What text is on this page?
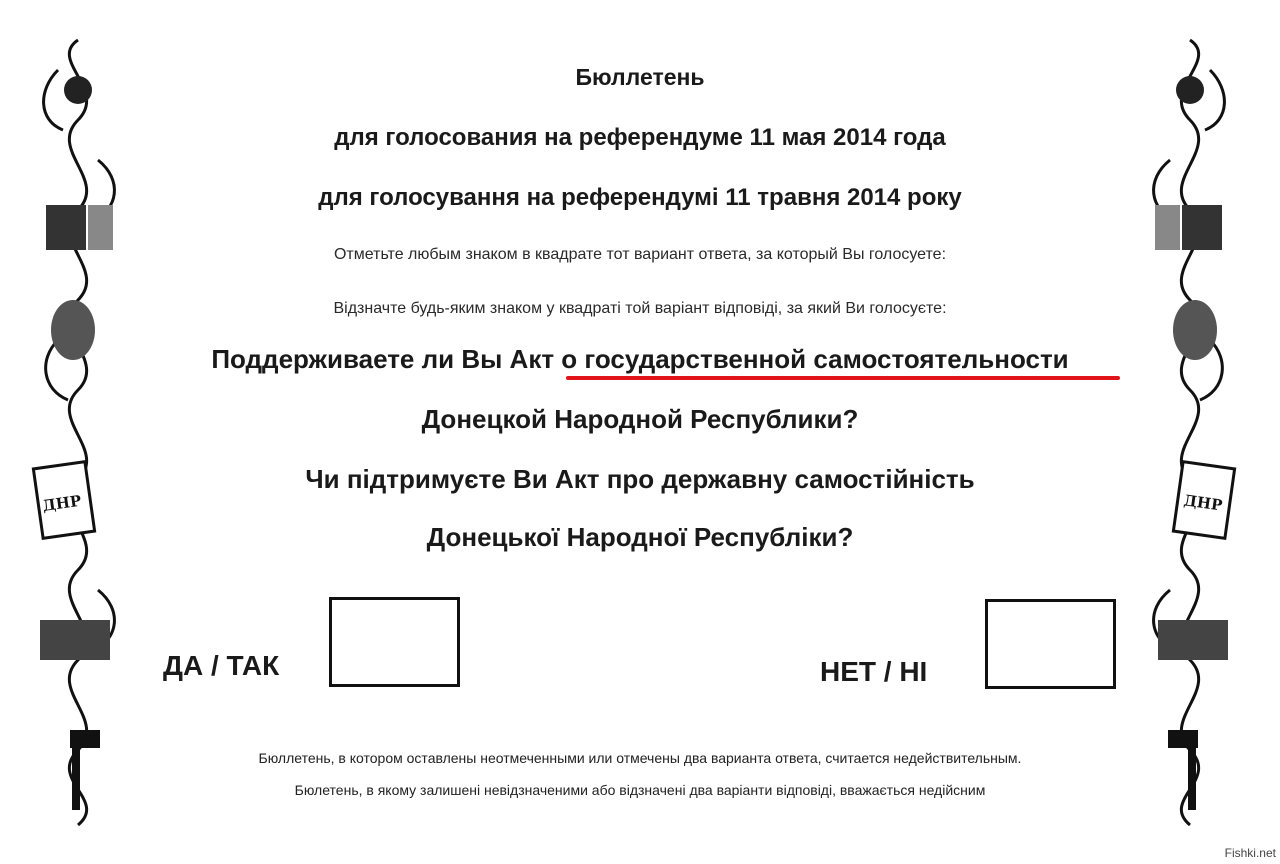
ДНР	ДНР
Бюллетень
для голосования на референдуме 11 мая 2014 года
для голосування на референдумі 11 травня 2014 року
Отметьте любым знаком в квадрате тот вариант ответа, за который Вы голосуете:
Відзначте будь-яким знаком у квадраті той варіант відповіді, за який Ви голосуєте:
Поддерживаете ли Вы Акт о государственной самостоятельности
Донецкой Народной Республики?
Чи підтримуєте Ви Акт про державну самостійність
Донецької Народної Республіки?
ДА / ТАК	НЕТ / НІ
Бюллетень, в котором оставлены неотмеченными или отмечены два варианта ответа, считается недействительным.
Бюлетень, в якому залишені невідзначеними або відзначені два варіанти відповіді, вважається недійсним
Fishki.net
